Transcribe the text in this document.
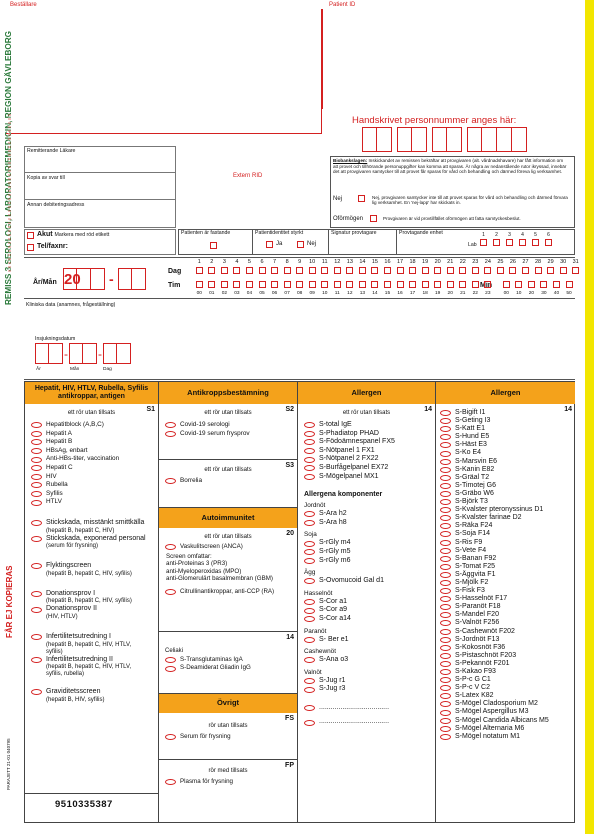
Beställare	Patient ID
Handskrivet personnummer anges här:
Remitterande Läkare
Kopia av svar till
Annan debiteringsadress
Extern RID
Biobankslagen: Inskickandet av remissen bekräftar att provgivaren (alt. vårdnadshavare) har fått information om att provet och tillhörande personuppgifter kan komma att sparas. Är några av nedanstående rutor ikryssad, innebär det att provgivaren samtycker till att provet får sparas för vård och behandling och därmed föreva lig verksamhet.
Nej	Nej, provgivaren samtycker inte till att provet sparas för vård och behandling och därmed förvara lig verksamhet. En 'nej-lapp' har skickats in.
Oförmögen	Provgivaren är vid provtillfället oförmögen att fatta samtyckesbeslut.
Akut
Markera med röd etikett
Tel/faxnr:
Patienten är fastande	Patientidentitet styrkt
Ja	Nej
Signatur provtagare	Provtagande enhet
Lab
1 2 3 4 5 6
År/Mån 20 -	Dag
Tim	Min
1	2	3	4	5	6	7	8	9	10	11	12	13	14	15	16	17	18	19	20	21	22	23	24	25	26	27	28	29	30	31
00	01	02	03	04	05	06	07	08	09	10	11	12	13	14	15	16	17	18	19	20	21	22	23	00	10	20	30	40	50
Kliniska data (anamnes, frågeställning)
Insjukningsdatum
-	-
År	Mån	Dag
REMISS 3 SEROLOGI, LABORATORIEMEDICIN, REGION GÄVLEBORG
FÅR EJ KOPIERAS
PARAJETT 21-01 040795
Hepatit, HIV, HTLV, Rubella, Syfilis antikroppar, antigen
S1
ett rör utan tillsats
Hepatitblock (A,B,C)
Hepatit A
Hepatit B
HBsAg, enbart
Anti-HBs-titer, vaccination
Hepatit C
HIV
Rubella
Syfilis
HTLV
Stickskada, misstänkt smittkälla
(hepatit B, hepatit C, HIV)
Stickskada, exponerad personal
(serum för frysning)
Flyktingscreen
(hepatit B, hepatit C, HIV, syfilis)
Donationsprov I
(hepatit B, hepatit C, HIV, syfilis)
Donationsprov II
(HIV, HTLV)
Infertilitetsutredning I
(hepatit B, hepatit C, HIV, HTLV,
syfilis)
Infertilitetsutredning II
(hepatit B, hepatit C, HIV, HTLV,
syfilis, rubella)
Graviditetsscreen
(hepatit B, HIV, syfilis)
9510335387
Antikroppsbestämning
S2
ett rör utan tillsats
Covid-19 serologi
Covid-19 serum frysprov
S3
ett rör utan tillsats
Borrelia
Autoimmunitet
20
ett rör utan tillsats
Vaskulitscreen (ANCA)
Screen omfattar:
anti-Proteinas 3 (PR3)
anti-Myeloperoxidas (MPO)
anti-Glomerulärt basalmembran (GBM)
Citrullinantikroppar, anti-CCP (RA)
14
Celiaki
S-Transglutaminas IgA
S-Deamiderat Gliadin IgG
Övrigt
FS
rör utan tillsats
Serum för frysning
FP
rör med tillsats
Plasma för frysning
Allergen
14
ett rör utan tillsats
S-total IgE
S-Phadiatop PHAD
S-Födoämnespanel FX5
S-Nötpanel 1 FX1
S-Nötpanel 2 FX22
S-Burfågelpanel EX72
S-Mögelpanel MX1
Allergena komponenter
Jordnöt
S-Ara h2
S-Ara h8
Soja
S-rGly m4
S-rGly m5
S-rGly m6
Ägg
S-Ovomucoid Gal d1
Hasselnöt
S-Cor a1
S-Cor a9
S-Cor a14
Paranöt
S- Ber e1
Cashewnöt
S-Ana o3
Valnöt
S-Jug r1
S-Jug r3
....................................
....................................
Allergen
14
S-Bigift I1
S-Geting I3
S-Katt E1
S-Hund E5
S-Häst E3
S-Ko E4
S-Marsvin E6
S-Kanin E82
S-Gräal T2
S-Timotej G6
S-Gräbo W6
S-Björk T3
S-Kvalster pteronyssinus D1
S-Kvalster farinae D2
S-Räka F24
S-Soja F14
S-Ris F9
S-Vete F4
S-Banan F92
S-Tomat F25
S-Äggvita F1
S-Mjölk F2
S-Fisk F3
S-Hasselnöt F17
S-Paranöt F18
S-Mandel F20
S-Valnöt F256
S-Cashewnöt F202
S-Jordnöt F13
S-Kokosnöt F36
S-Pistaschnöt F203
S-Pekannöt F201
S-Kakao F93
S-P-c G C1
S-P-c V C2
S-Latex K82
S-Mögel Cladosporium M2
S-Mögel Aspergillus M3
S-Mögel Candida Albicans M5
S-Mögel Alternaria M6
S-Mögel notatum M1
